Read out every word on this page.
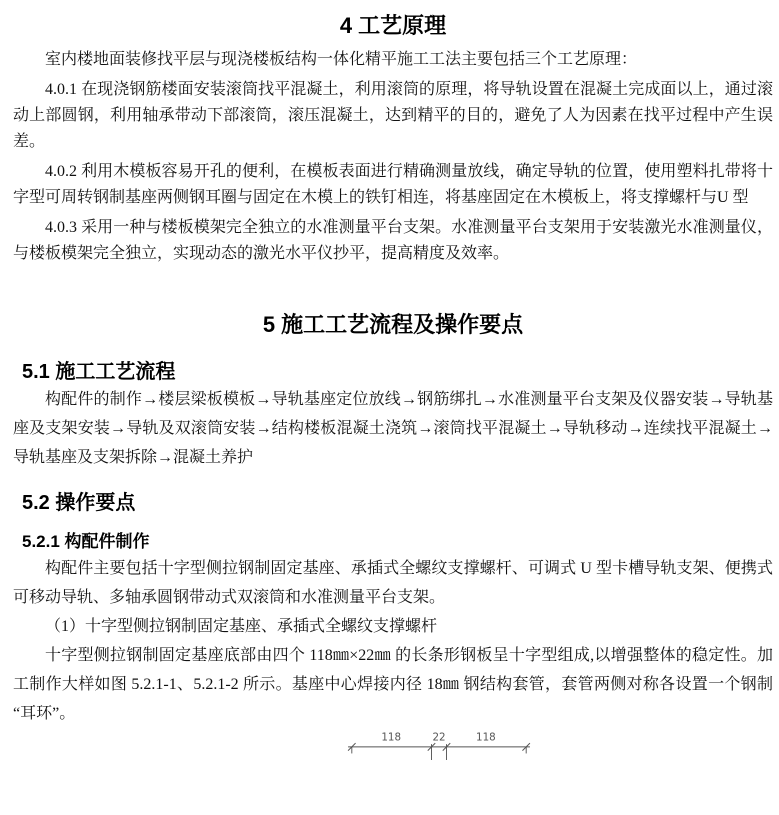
4 工艺原理

室内楼地面装修找平层与现浇楼板结构一体化精平施工工法主要包括三个工艺原理：

4.0.1 在现浇钢筋楼面安装滚筒找平混凝土，利用滚筒的原理，将导轨设置在混凝土完成面以上，通过滚动上部圆钢，利用轴承带动下部滚筒，滚压混凝土，达到精平的目的，避免了人为因素在找平过程中产生误差。

4.0.2 利用木模板容易开孔的便利，在模板表面进行精确测量放线，确定导轨的位置，使用塑料扎带将十字型可周转钢制基座两侧钢耳圈与固定在木模上的铁钉相连，将基座固定在木模板上，将支撑螺杆与U 型

4.0.3 采用一种与楼板模架完全独立的水准测量平台支架。水准测量平台支架用于安装激光水准测量仪，与楼板模架完全独立，实现动态的激光水平仪抄平，提高精度及效率。

5 施工工艺流程及操作要点
5.1 施工工艺流程

构配件的制作→楼层梁板模板→导轨基座定位放线→钢筋绑扎→水准测量平台支架及仪器安装→导轨基座及支架安装→导轨及双滚筒安装→结构楼板混凝土浇筑→滚筒找平混凝土→导轨移动→连续找平混凝土→导轨基座及支架拆除→混凝土养护

5.2 操作要点
5.2.1 构配件制作

构配件主要包括十字型侧拉钢制固定基座、承插式全螺纹支撑螺杆、可调式 U 型卡槽导轨支架、便携式可移动导轨、多轴承圆钢带动式双滚筒和水准测量平台支架。

（1）十字型侧拉钢制固定基座、承插式全螺纹支撑螺杆

十字型侧拉钢制固定基座底部由四个 118㎜×22㎜ 的长条形钢板呈十字型组成,以增强整体的稳定性。加工制作大样如图 5.2.1-1、5.2.1-2 所示。基座中心焊接内径 18㎜ 钢结构套管，套管两侧对称各设置一个钢制“耳环”。

118	22	118
